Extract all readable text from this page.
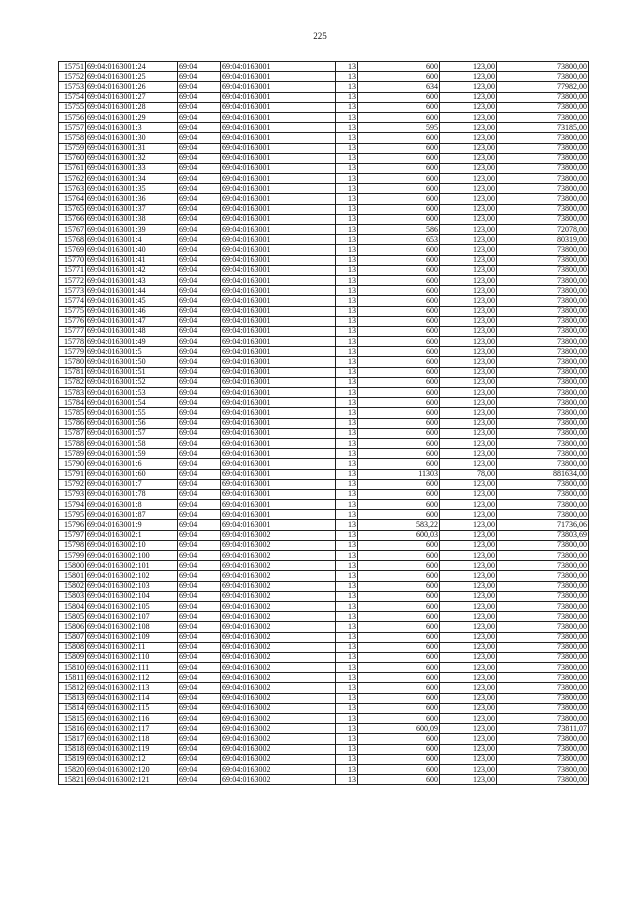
225
15751	69:04:0163001:24	69:04	69:04:0163001	13	600	123,00	73800,00
15752	69:04:0163001:25	69:04	69:04:0163001	13	600	123,00	73800,00
15753	69:04:0163001:26	69:04	69:04:0163001	13	634	123,00	77982,00
15754	69:04:0163001:27	69:04	69:04:0163001	13	600	123,00	73800,00
15755	69:04:0163001:28	69:04	69:04:0163001	13	600	123,00	73800,00
15756	69:04:0163001:29	69:04	69:04:0163001	13	600	123,00	73800,00
15757	69:04:0163001:3	69:04	69:04:0163001	13	595	123,00	73185,00
15758	69:04:0163001:30	69:04	69:04:0163001	13	600	123,00	73800,00
15759	69:04:0163001:31	69:04	69:04:0163001	13	600	123,00	73800,00
15760	69:04:0163001:32	69:04	69:04:0163001	13	600	123,00	73800,00
15761	69:04:0163001:33	69:04	69:04:0163001	13	600	123,00	73800,00
15762	69:04:0163001:34	69:04	69:04:0163001	13	600	123,00	73800,00
15763	69:04:0163001:35	69:04	69:04:0163001	13	600	123,00	73800,00
15764	69:04:0163001:36	69:04	69:04:0163001	13	600	123,00	73800,00
15765	69:04:0163001:37	69:04	69:04:0163001	13	600	123,00	73800,00
15766	69:04:0163001:38	69:04	69:04:0163001	13	600	123,00	73800,00
15767	69:04:0163001:39	69:04	69:04:0163001	13	586	123,00	72078,00
15768	69:04:0163001:4	69:04	69:04:0163001	13	653	123,00	80319,00
15769	69:04:0163001:40	69:04	69:04:0163001	13	600	123,00	73800,00
15770	69:04:0163001:41	69:04	69:04:0163001	13	600	123,00	73800,00
15771	69:04:0163001:42	69:04	69:04:0163001	13	600	123,00	73800,00
15772	69:04:0163001:43	69:04	69:04:0163001	13	600	123,00	73800,00
15773	69:04:0163001:44	69:04	69:04:0163001	13	600	123,00	73800,00
15774	69:04:0163001:45	69:04	69:04:0163001	13	600	123,00	73800,00
15775	69:04:0163001:46	69:04	69:04:0163001	13	600	123,00	73800,00
15776	69:04:0163001:47	69:04	69:04:0163001	13	600	123,00	73800,00
15777	69:04:0163001:48	69:04	69:04:0163001	13	600	123,00	73800,00
15778	69:04:0163001:49	69:04	69:04:0163001	13	600	123,00	73800,00
15779	69:04:0163001:5	69:04	69:04:0163001	13	600	123,00	73800,00
15780	69:04:0163001:50	69:04	69:04:0163001	13	600	123,00	73800,00
15781	69:04:0163001:51	69:04	69:04:0163001	13	600	123,00	73800,00
15782	69:04:0163001:52	69:04	69:04:0163001	13	600	123,00	73800,00
15783	69:04:0163001:53	69:04	69:04:0163001	13	600	123,00	73800,00
15784	69:04:0163001:54	69:04	69:04:0163001	13	600	123,00	73800,00
15785	69:04:0163001:55	69:04	69:04:0163001	13	600	123,00	73800,00
15786	69:04:0163001:56	69:04	69:04:0163001	13	600	123,00	73800,00
15787	69:04:0163001:57	69:04	69:04:0163001	13	600	123,00	73800,00
15788	69:04:0163001:58	69:04	69:04:0163001	13	600	123,00	73800,00
15789	69:04:0163001:59	69:04	69:04:0163001	13	600	123,00	73800,00
15790	69:04:0163001:6	69:04	69:04:0163001	13	600	123,00	73800,00
15791	69:04:0163001:60	69:04	69:04:0163001	13	11303	78,00	881634,00
15792	69:04:0163001:7	69:04	69:04:0163001	13	600	123,00	73800,00
15793	69:04:0163001:78	69:04	69:04:0163001	13	600	123,00	73800,00
15794	69:04:0163001:8	69:04	69:04:0163001	13	600	123,00	73800,00
15795	69:04:0163001:87	69:04	69:04:0163001	13	600	123,00	73800,00
15796	69:04:0163001:9	69:04	69:04:0163001	13	583,22	123,00	71736,06
15797	69:04:0163002:1	69:04	69:04:0163002	13	600,03	123,00	73803,69
15798	69:04:0163002:10	69:04	69:04:0163002	13	600	123,00	73800,00
15799	69:04:0163002:100	69:04	69:04:0163002	13	600	123,00	73800,00
15800	69:04:0163002:101	69:04	69:04:0163002	13	600	123,00	73800,00
15801	69:04:0163002:102	69:04	69:04:0163002	13	600	123,00	73800,00
15802	69:04:0163002:103	69:04	69:04:0163002	13	600	123,00	73800,00
15803	69:04:0163002:104	69:04	69:04:0163002	13	600	123,00	73800,00
15804	69:04:0163002:105	69:04	69:04:0163002	13	600	123,00	73800,00
15805	69:04:0163002:107	69:04	69:04:0163002	13	600	123,00	73800,00
15806	69:04:0163002:108	69:04	69:04:0163002	13	600	123,00	73800,00
15807	69:04:0163002:109	69:04	69:04:0163002	13	600	123,00	73800,00
15808	69:04:0163002:11	69:04	69:04:0163002	13	600	123,00	73800,00
15809	69:04:0163002:110	69:04	69:04:0163002	13	600	123,00	73800,00
15810	69:04:0163002:111	69:04	69:04:0163002	13	600	123,00	73800,00
15811	69:04:0163002:112	69:04	69:04:0163002	13	600	123,00	73800,00
15812	69:04:0163002:113	69:04	69:04:0163002	13	600	123,00	73800,00
15813	69:04:0163002:114	69:04	69:04:0163002	13	600	123,00	73800,00
15814	69:04:0163002:115	69:04	69:04:0163002	13	600	123,00	73800,00
15815	69:04:0163002:116	69:04	69:04:0163002	13	600	123,00	73800,00
15816	69:04:0163002:117	69:04	69:04:0163002	13	600,09	123,00	73811,07
15817	69:04:0163002:118	69:04	69:04:0163002	13	600	123,00	73800,00
15818	69:04:0163002:119	69:04	69:04:0163002	13	600	123,00	73800,00
15819	69:04:0163002:12	69:04	69:04:0163002	13	600	123,00	73800,00
15820	69:04:0163002:120	69:04	69:04:0163002	13	600	123,00	73800,00
15821	69:04:0163002:121	69:04	69:04:0163002	13	600	123,00	73800,00
